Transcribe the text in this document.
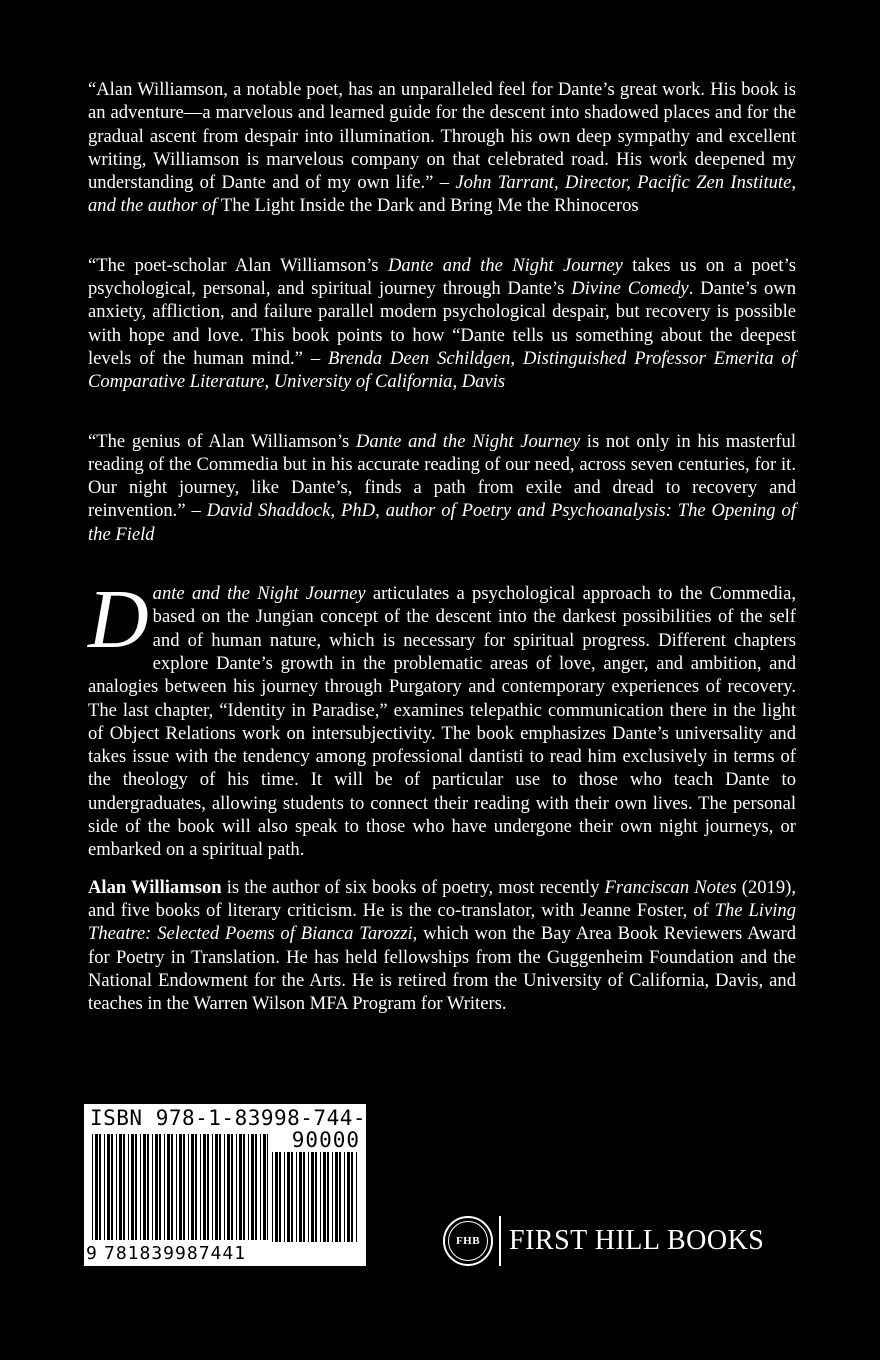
“Alan Williamson, a notable poet, has an unparalleled feel for Dante’s great work. His book is an adventure—a marvelous and learned guide for the descent into shadowed places and for the gradual ascent from despair into illumination. Through his own deep sympathy and excellent writing, Williamson is marvelous company on that celebrated road. His work deepened my understanding of Dante and of my own life.” – John Tarrant, Director, Pacific Zen Institute, and the author of The Light Inside the Dark and Bring Me the Rhinoceros

“The poet-scholar Alan Williamson’s Dante and the Night Journey takes us on a poet’s psychological, personal, and spiritual journey through Dante’s Divine Comedy. Dante’s own anxiety, affliction, and failure parallel modern psychological despair, but recovery is possible with hope and love. This book points to how “Dante tells us something about the deepest levels of the human mind.” – Brenda Deen Schildgen, Distinguished Professor Emerita of Comparative Literature, University of California, Davis

“The genius of Alan Williamson’s Dante and the Night Journey is not only in his masterful reading of the Commedia but in his accurate reading of our need, across seven centuries, for it. Our night journey, like Dante’s, finds a path from exile and dread to recovery and reinvention.” – David Shaddock, PhD, author of Poetry and Psychoanalysis: The Opening of the Field

Dante and the Night Journey articulates a psychological approach to the Commedia, based on the Jungian concept of the descent into the darkest possibilities of the self and of human nature, which is necessary for spiritual progress. Different chapters explore Dante’s growth in the problematic areas of love, anger, and ambition, and analogies between his journey through Purgatory and contemporary experiences of recovery. The last chapter, “Identity in Paradise,” examines telepathic communication there in the light of Object Relations work on intersubjectivity. The book emphasizes Dante’s universality and takes issue with the tendency among professional dantisti to read him exclusively in terms of the theology of his time. It will be of particular use to those who teach Dante to undergraduates, allowing students to connect their reading with their own lives. The personal side of the book will also speak to those who have undergone their own night journeys, or embarked on a spiritual path.

Alan Williamson is the author of six books of poetry, most recently Franciscan Notes (2019), and five books of literary criticism. He is the co-translator, with Jeanne Foster, of The Living Theatre: Selected Poems of Bianca Tarozzi, which won the Bay Area Book Reviewers Award for Poetry in Translation. He has held fellowships from the Guggenheim Foundation and the National Endowment for the Arts. He is retired from the University of California, Davis, and teaches in the Warren Wilson MFA Program for Writers.

ISBN 978-1-83998-744-1
90000
9 781839987441
FHB FIRST HILL BOOKS
